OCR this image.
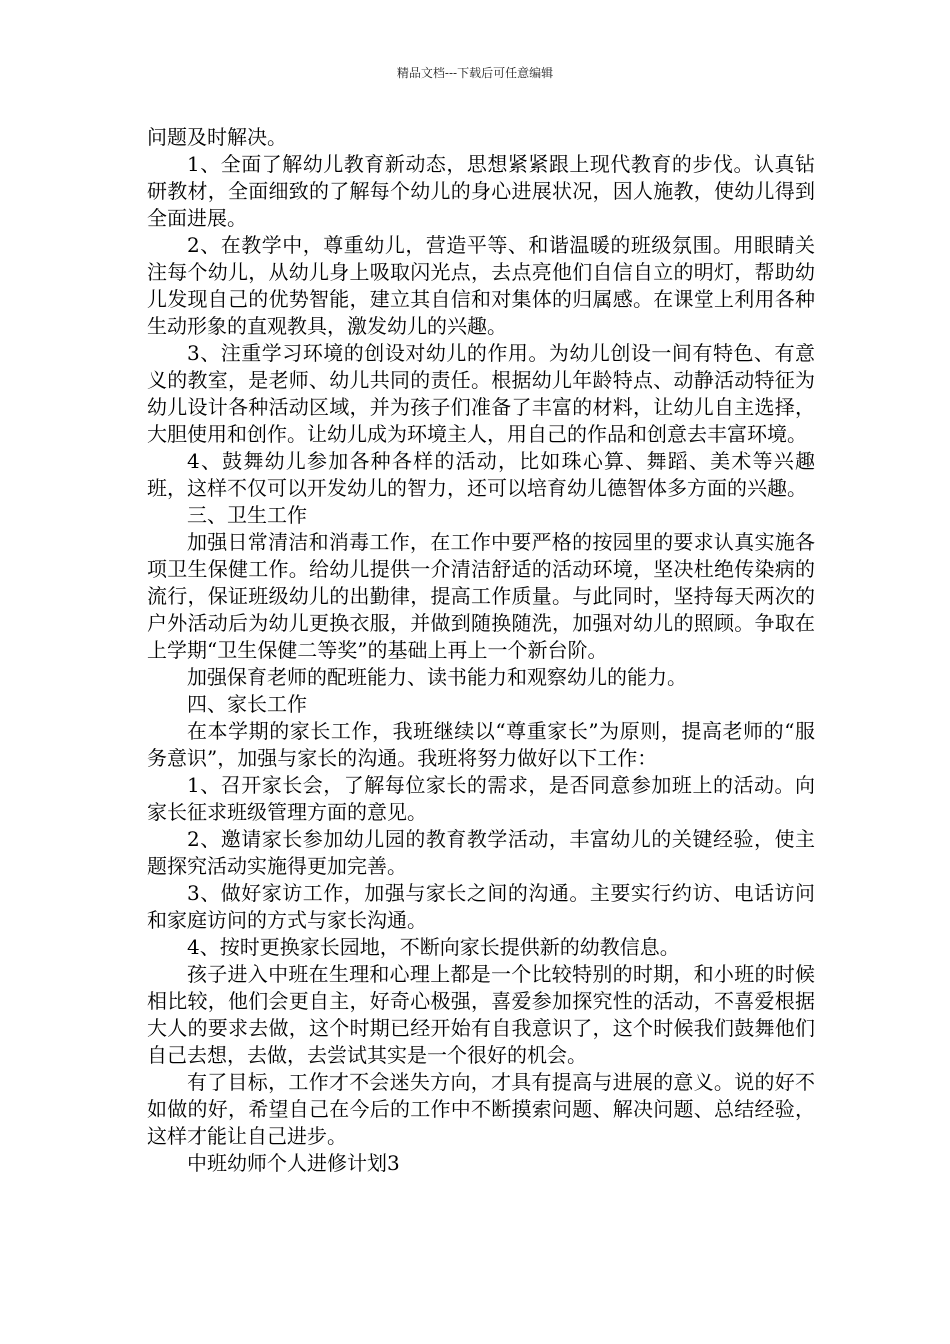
精品文档---下载后可任意编辑

问题及时解决。

1、全面了解幼儿教育新动态，思想紧紧跟上现代教育的步伐。认真钻研教材，全面细致的了解每个幼儿的身心进展状况，因人施教，使幼儿得到全面进展。

2、在教学中，尊重幼儿，营造平等、和谐温暖的班级氛围。用眼睛关注每个幼儿，从幼儿身上吸取闪光点，去点亮他们自信自立的明灯，帮助幼儿发现自己的优势智能，建立其自信和对集体的归属感。在课堂上利用各种生动形象的直观教具，激发幼儿的兴趣。

3、注重学习环境的创设对幼儿的作用。为幼儿创设一间有特色、有意义的教室，是老师、幼儿共同的责任。根据幼儿年龄特点、动静活动特征为幼儿设计各种活动区域，并为孩子们准备了丰富的材料，让幼儿自主选择，大胆使用和创作。让幼儿成为环境主人，用自己的作品和创意去丰富环境。

4、鼓舞幼儿参加各种各样的活动，比如珠心算、舞蹈、美术等兴趣班，这样不仅可以开发幼儿的智力，还可以培育幼儿德智体多方面的兴趣。

三、卫生工作

加强日常清洁和消毒工作，在工作中要严格的按园里的要求认真实施各项卫生保健工作。给幼儿提供一介清洁舒适的活动环境，坚决杜绝传染病的流行，保证班级幼儿的出勤律，提高工作质量。与此同时，坚持每天两次的户外活动后为幼儿更换衣服，并做到随换随洗，加强对幼儿的照顾。争取在上学期“卫生保健二等奖”的基础上再上一个新台阶。

加强保育老师的配班能力、读书能力和观察幼儿的能力。

四、家长工作

在本学期的家长工作，我班继续以“尊重家长”为原则，提高老师的“服务意识”，加强与家长的沟通。我班将努力做好以下工作：

1、召开家长会，了解每位家长的需求，是否同意参加班上的活动。向家长征求班级管理方面的意见。

2、邀请家长参加幼儿园的教育教学活动，丰富幼儿的关键经验，使主题探究活动实施得更加完善。

3、做好家访工作，加强与家长之间的沟通。主要实行约访、电话访问和家庭访问的方式与家长沟通。

4、按时更换家长园地，不断向家长提供新的幼教信息。

孩子进入中班在生理和心理上都是一个比较特别的时期，和小班的时候相比较，他们会更自主，好奇心极强，喜爱参加探究性的活动，不喜爱根据大人的要求去做，这个时期已经开始有自我意识了，这个时候我们鼓舞他们自己去想，去做，去尝试其实是一个很好的机会。

有了目标，工作才不会迷失方向，才具有提高与进展的意义。说的好不如做的好，希望自己在今后的工作中不断摸索问题、解决问题、总结经验，这样才能让自己进步。

中班幼师个人进修计划3
